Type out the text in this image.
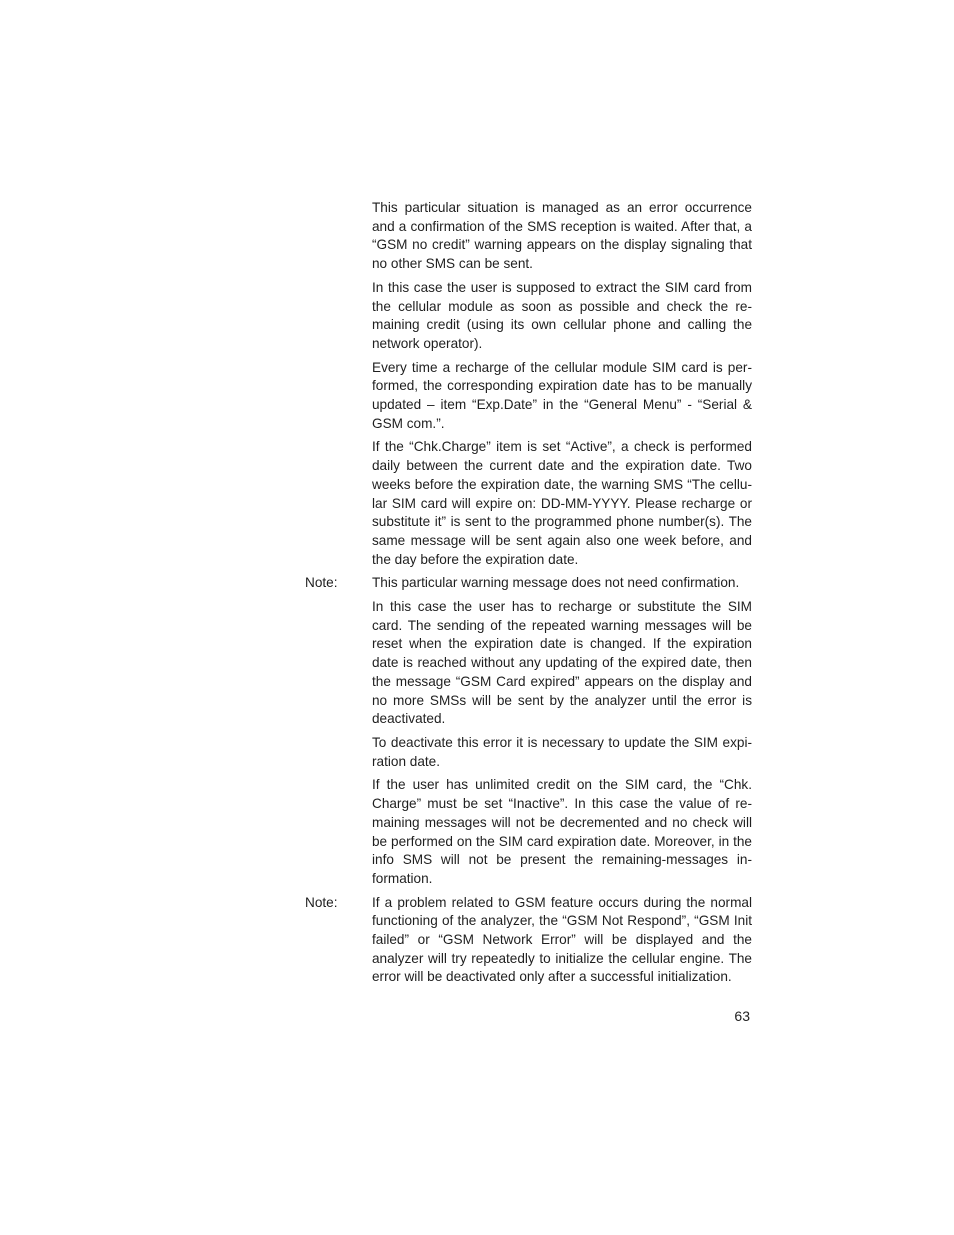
This particular situation is managed as an error occurrence and a confirmation of the SMS reception is waited. After that, a “GSM no credit” warning appears on the display signaling that no other SMS can be sent.

In this case the user is supposed to extract the SIM card from the cellular module as soon as possible and check the remaining credit (using its own cellular phone and calling the network operator).

Every time a recharge of the cellular module SIM card is performed, the corresponding expiration date has to be manually updated – item “Exp.Date” in the “General Menu” - “Serial & GSM com.”.

If the “Chk.Charge” item is set “Active”, a check is performed daily between the current date and the expiration date. Two weeks before the expiration date, the warning SMS “The cellular SIM card will expire on: DD-MM-YYYY. Please recharge or substitute it” is sent to the programmed phone number(s). The same message will be sent again also one week before, and the day before the expiration date.

Note:	This particular warning message does not need confirmation.

In this case the user has to recharge or substitute the SIM card. The sending of the repeated warning messages will be reset when the expiration date is changed. If the expiration date is reached without any updating of the expired date, then the message “GSM Card expired” appears on the display and no more SMSs will be sent by the analyzer until the error is deactivated.

To deactivate this error it is necessary to update the SIM expiration date.

If the user has unlimited credit on the SIM card, the “Chk. Charge” must be set “Inactive”. In this case the value of remaining messages will not be decremented and no check will be performed on the SIM card expiration date. Moreover, in the info SMS will not be present the remaining-messages information.

Note:	If a problem related to GSM feature occurs during the normal functioning of the analyzer, the “GSM Not Respond”, “GSM Init failed” or “GSM Network Error” will be displayed and the analyzer will try repeatedly to initialize the cellular engine. The error will be deactivated only after a successful initialization.
63
